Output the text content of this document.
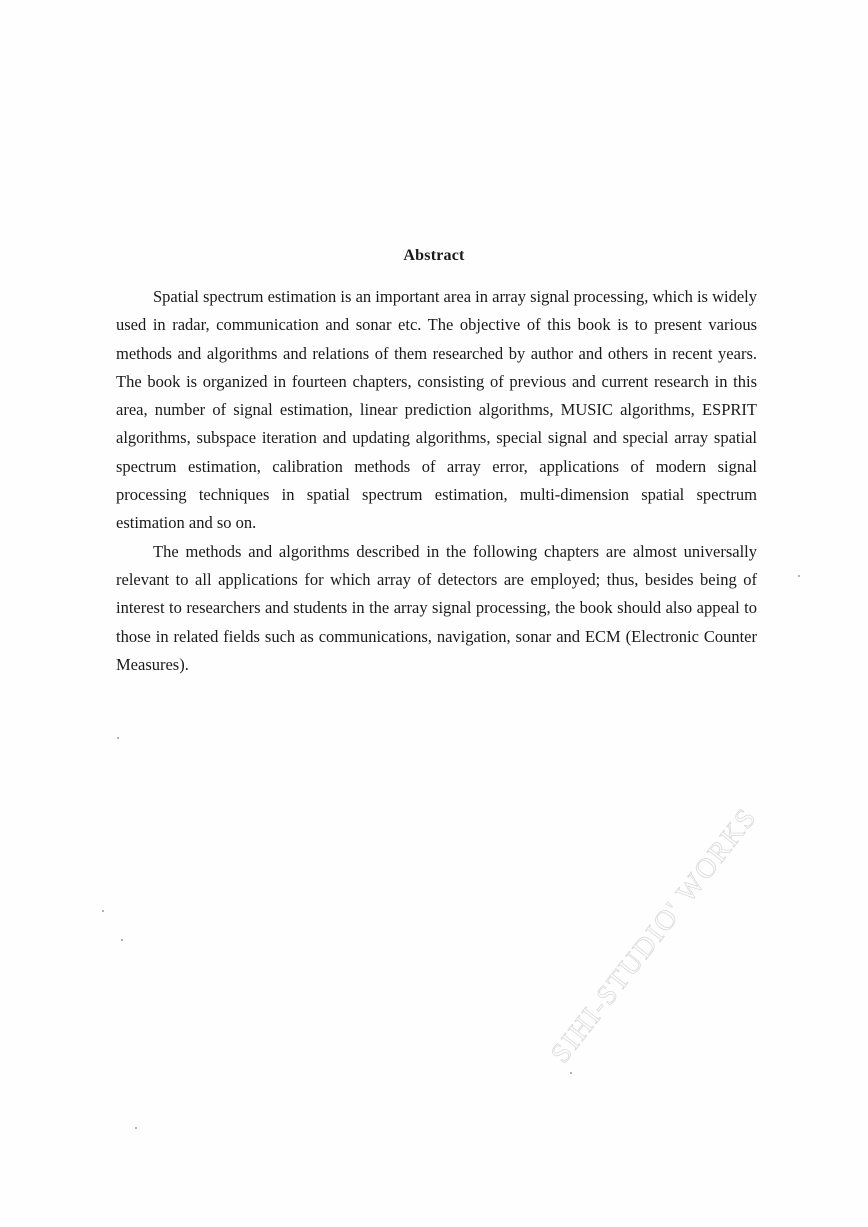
Abstract

Spatial spectrum estimation is an important area in array signal processing, which is widely used in radar, communication and sonar etc. The objective of this book is to present various methods and algorithms and relations of them researched by author and others in recent years. The book is organized in fourteen chapters, consisting of previous and current research in this area, number of signal estimation, linear prediction algorithms, MUSIC algorithms, ESPRIT algorithms, subspace iteration and updating algorithms, special signal and special array spatial spectrum estimation, calibration methods of array error, applications of modern signal processing techniques in spatial spectrum estimation, multi-dimension spatial spectrum estimation and so on.

The methods and algorithms described in the following chapters are almost universally relevant to all applications for which array of detectors are employed; thus, besides being of interest to researchers and students in the array signal processing, the book should also appeal to those in related fields such as communications, navigation, sonar and ECM (Electronic Counter Measures).

SIHI-STUDIO' WORKS
